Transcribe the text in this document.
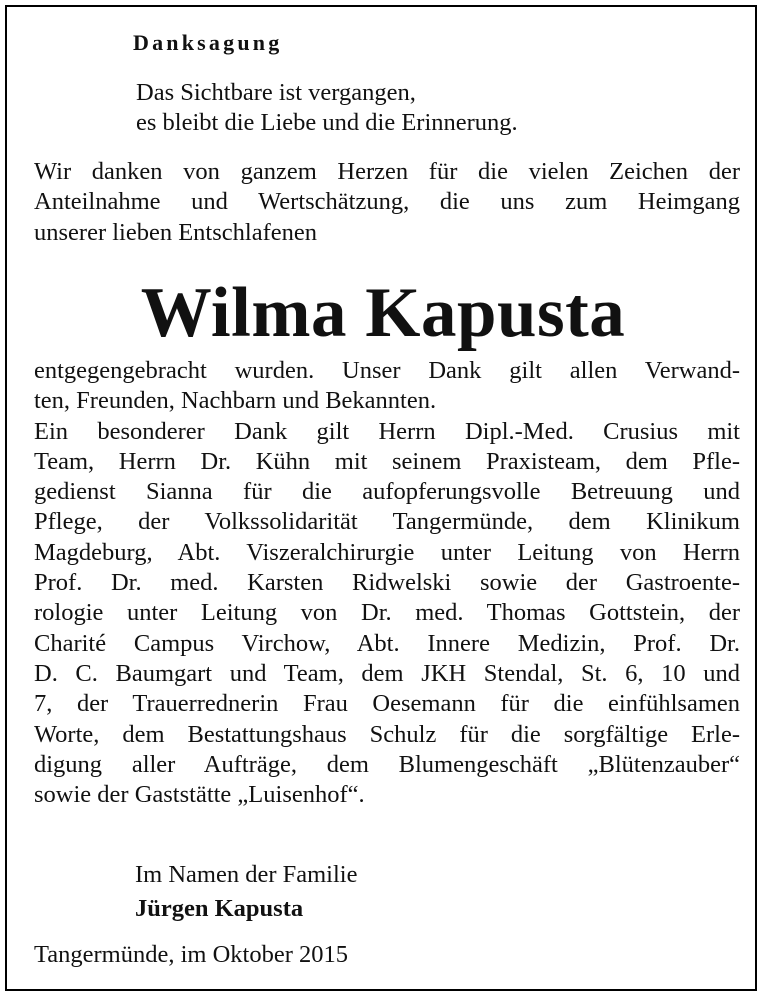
Danksagung
Das Sichtbare ist vergangen,
es bleibt die Liebe und die Erinnerung.
Wir danken von ganzem Herzen für die vielen Zeichen der
Anteilnahme und Wertschätzung, die uns zum Heimgang
unserer lieben Entschlafenen
Wilma Kapusta
entgegengebracht wurden. Unser Dank gilt allen Verwand-
ten, Freunden, Nachbarn und Bekannten.
Ein besonderer Dank gilt Herrn Dipl.-Med. Crusius mit
Team, Herrn Dr. Kühn mit seinem Praxisteam, dem Pfle-
gedienst Sianna für die aufopferungsvolle Betreuung und
Pflege, der Volkssolidarität Tangermünde, dem Klinikum
Magdeburg, Abt. Viszeralchirurgie unter Leitung von Herrn
Prof. Dr. med. Karsten Ridwelski sowie der Gastroente-
rologie unter Leitung von Dr. med. Thomas Gottstein, der
Charité Campus Virchow, Abt. Innere Medizin, Prof. Dr.
D. C. Baumgart und Team, dem JKH Stendal, St. 6, 10 und
7, der Trauerrednerin Frau Oesemann für die einfühlsamen
Worte, dem Bestattungshaus Schulz für die sorgfältige Erle-
digung aller Aufträge, dem Blumengeschäft „Blütenzauber“
sowie der Gaststätte „Luisenhof“.
Im Namen der Familie
Jürgen Kapusta
Tangermünde, im Oktober 2015
